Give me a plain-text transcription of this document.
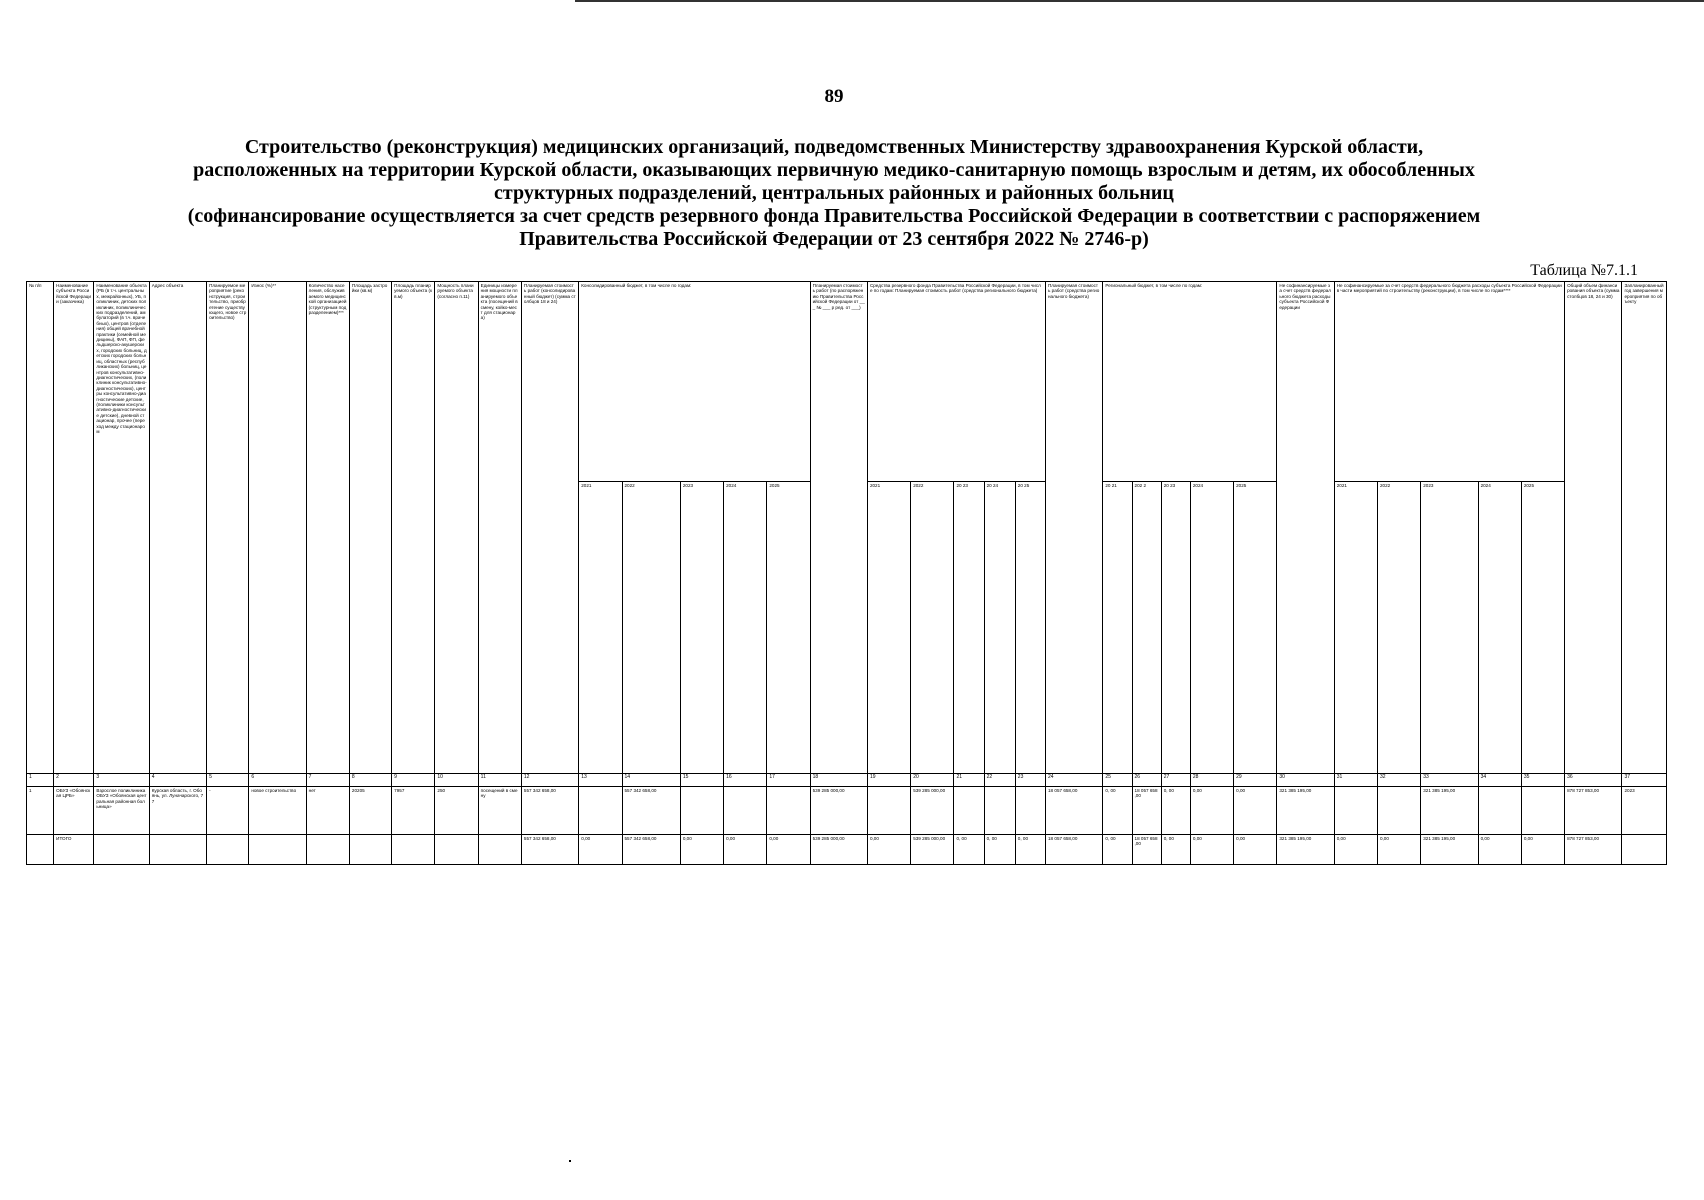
89
Строительство (реконструкция) медицинских организаций, подведомственных Министерству здравоохранения Курской области,
расположенных на территории Курской области, оказывающих первичную медико-санитарную помощь взрослым и детям, их обособленных
структурных подразделений, центральных районных и районных больниц
(софинансирование осуществляется за счет средств резервного фонда Правительства Российской Федерации в соответствии с распоряжением
Правительства Российской Федерации от 23 сентября 2022 № 2746-р)
Таблица №7.1.1
№ п/п	Наименование субъекта Российской Федерации (заказчика)	Наименование объекта (РБ (в т.ч. центральных, межрайонных), УБ, поликлиник, детских поликлиник, поликлинических подразделений, амбулаторий (в т.ч. врачебных), центров (отделения) общей врачебной практики (семейной медицины), ФАП, ФП, фельдшерско-акушерских, городских больниц, детских городских больниц, областных (республиканских) больниц, центров консультативно-диагностических, (поликлиник консультативно-диагностических), центры консультативно-диагностические детские, (поликлиники консультативно-диагностические детские), дневной стационар, прочее (переход между стационаром	Адрес объекта	Планируемое мероприятие (реконструкция, строительство, приобретение существующего, новое строительство)	Износ (%)**	Количество населения, обслуживаемого медицинской организацией (структурным подразделением)***	Площадь застройки (кв.м)	Площадь планируемого объекта (кв.м)	Мощность планируемого объекта (согласно п.11)	Единицы измерения мощности планируемого объекта (посещений в смену, койко-мест для стационара)	Планируемая стоимость работ (консолидированный бюджет) (сумма столбцов 18 и 24)	Консолидированный бюджет, в том числе по годам:					Планируемая стоимость работ (по распоряжению Правительства Российской Федерации от ___ № ___ р ред. от ___)	Средства резервного фонда Правительства Российской Федерации, в том числе по годам: Планируемая стоимость работ (средства регионального бюджета)					Планируемая стоимость работ (средства регионального бюджета)	Региональный бюджет, в том числе по годам:					Не софинансируемые за счет средств федерального бюджета расходы субъекта Российской Федерации	Не софинансируемые за счет средств федерального бюджета расходы субъекта Российской Федерации в части мероприятий по строительству (реконструкции), в том числе по годам****					Общий объем финансирования объекта (сумма столбцов 18, 24 и 30)	Запланированный год завершения мероприятия по объекту
												2021	2022	2023	2024	2025		2021	2022	20 23	20 24	20 25		20 21	202 2	20 23	2024	2025		2021	2022	2023	2024	2025		
1	2	3	4	5	6	7	8	9	10	11	12	13	14	15	16	17	18	19	20	21	22	23	24	25	26	27	28	29	30	31	32	33	34	35	36	37
1	ОБУЗ «Обоянская ЦРБ»	Взрослое поликлиника ОБУЗ «Обоянская центральная районная больница»	Курская область, г. Обоянь, ул. Луначарского, 77	-	новое строительство	нет	20205	7957	250	посещений в смену	557 342 658,00		557 342 658,00				539 285 000,00		539 285 000,00				18 057 658,00	0, 00	18 057 658 ,00	0, 00	0,00	0,00	321 385 195,00			321 385 195,00			878 727 853,00	2023
	ИТОГО										557 342 658,00	0,00	557 342 658,00	0,00	0,00	0,00	539 285 000,00	0,00	539 285 000,00	0, 00	0, 00	0, 00	18 057 658,00	0, 00	18 057 658 ,00	0, 00	0,00	0,00	321 385 195,00	0,00	0,00	321 385 195,00	0,00	0,00	878 727 853,00	
